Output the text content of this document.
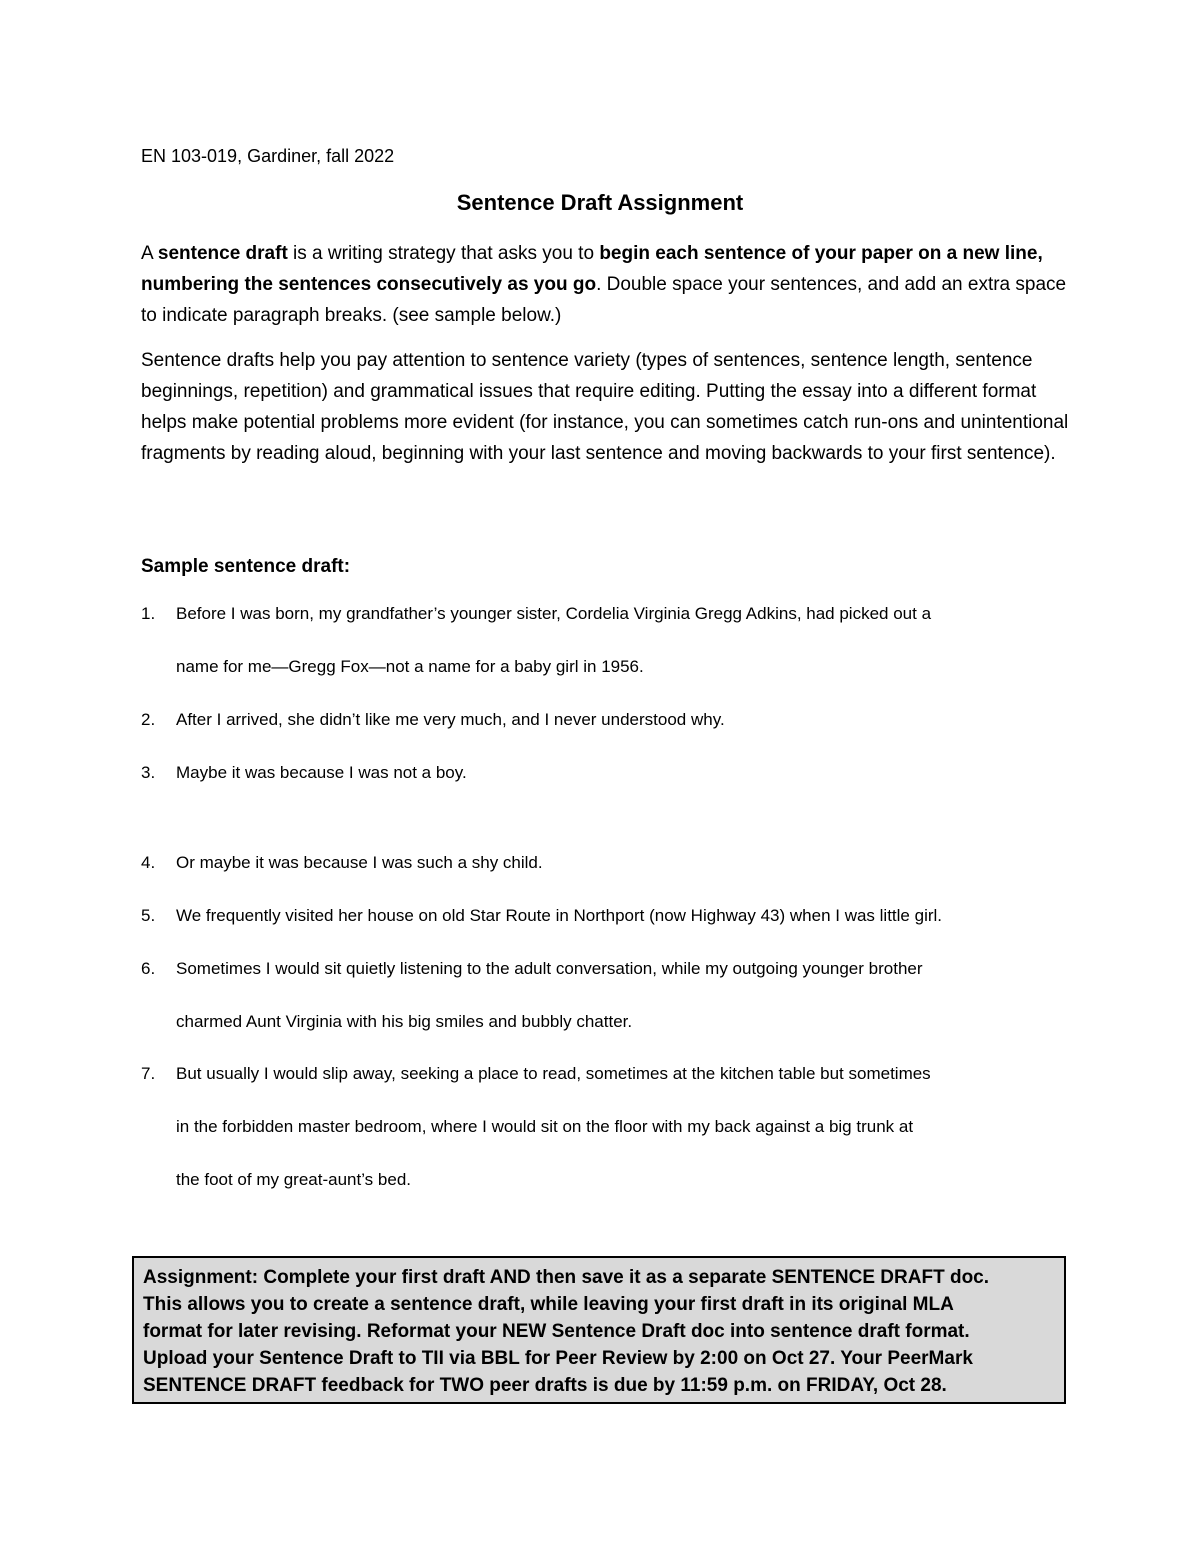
EN 103-019, Gardiner, fall 2022
Sentence Draft Assignment
A sentence draft is a writing strategy that asks you to begin each sentence of your paper on a new line, numbering the sentences consecutively as you go. Double space your sentences, and add an extra space to indicate paragraph breaks. (see sample below.)
Sentence drafts help you pay attention to sentence variety (types of sentences, sentence length, sentence beginnings, repetition) and grammatical issues that require editing. Putting the essay into a different format helps make potential problems more evident (for instance, you can sometimes catch run-ons and unintentional fragments by reading aloud, beginning with your last sentence and moving backwards to your first sentence).
Sample sentence draft:
1.	Before I was born, my grandfather’s younger sister, Cordelia Virginia Gregg Adkins, had picked out a
name for me—Gregg Fox—not a name for a baby girl in 1956.
2.	After I arrived, she didn’t like me very much, and I never understood why.
3.	Maybe it was because I was not a boy.
4.	Or maybe it was because I was such a shy child.
5.	We frequently visited her house on old Star Route in Northport (now Highway 43) when I was little girl.
6.	Sometimes I would sit quietly listening to the adult conversation, while my outgoing younger brother
charmed Aunt Virginia with his big smiles and bubbly chatter.
7.	But usually I would slip away, seeking a place to read, sometimes at the kitchen table but sometimes
in the forbidden master bedroom, where I would sit on the floor with my back against a big trunk at
the foot of my great-aunt’s bed.
Assignment: Complete your first draft AND then save it as a separate SENTENCE DRAFT doc.
This allows you to create a sentence draft, while leaving your first draft in its original MLA
format for later revising. Reformat your NEW Sentence Draft doc into sentence draft format.
Upload your Sentence Draft to TII via BBL for Peer Review by 2:00 on Oct 27. Your PeerMark
SENTENCE DRAFT feedback for TWO peer drafts is due by 11:59 p.m. on FRIDAY, Oct 28.
